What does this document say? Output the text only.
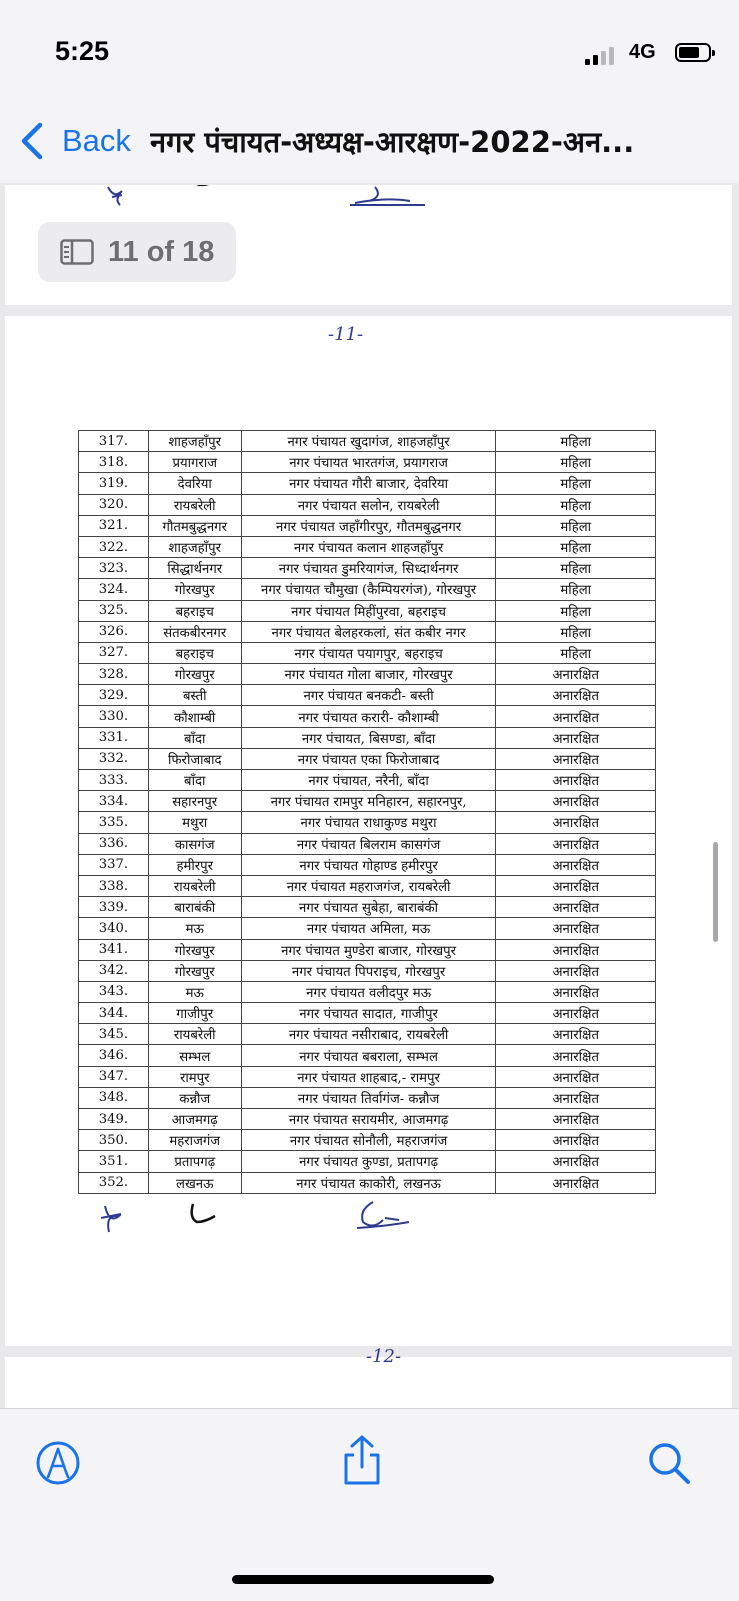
5:25	4G
Back नगर पंचायत-अध्यक्ष-आरक्षण-2022-अन...
11 of 18
-11-
317.	शाहजहाँपुर	नगर पंचायत खुदागंज, शाहजहाँपुर	महिला
318.	प्रयागराज	नगर पंचायत भारतगंज, प्रयागराज	महिला
319.	देवरिया	नगर पंचायत गौरी बाजार, देवरिया	महिला
320.	रायबरेली	नगर पंचायत सलोन, रायबरेली	महिला
321.	गौतमबुद्धनगर	नगर पंचायत जहाँगीरपुर, गौतमबुद्धनगर	महिला
322.	शाहजहाँपुर	नगर पंचायत कलान शाहजहाँपुर	महिला
323.	सिद्धार्थनगर	नगर पंचायत डुमरियागंज, सिध्दार्थनगर	महिला
324.	गोरखपुर	नगर पंचायत चौमुखा (कैम्पियरगंज), गोरखपुर	महिला
325.	बहराइच	नगर पंचायत मिहींपुरवा, बहराइच	महिला
326.	संतकबीरनगर	नगर पंचायत बेलहरकलां, संत कबीर नगर	महिला
327.	बहराइच	नगर पंचायत पयागपुर, बहराइच	महिला
328.	गोरखपुर	नगर पंचायत गोला बाजार, गोरखपुर	अनारक्षित
329.	बस्ती	नगर पंचायत बनकटी- बस्ती	अनारक्षित
330.	कौशाम्बी	नगर पंचायत करारी- कौशाम्बी	अनारक्षित
331.	बाँदा	नगर पंचायत, बिसण्डा, बाँदा	अनारक्षित
332.	फिरोजाबाद	नगर पंचायत एका फिरोजाबाद	अनारक्षित
333.	बाँदा	नगर पंचायत, नरैनी, बाँदा	अनारक्षित
334.	सहारनपुर	नगर पंचायत रामपुर मनिहारन, सहारनपुर,	अनारक्षित
335.	मथुरा	नगर पंचायत राधाकुण्ड मथुरा	अनारक्षित
336.	कासगंज	नगर पंचायत बिलराम कासगंज	अनारक्षित
337.	हमीरपुर	नगर पंचायत गोहाण्ड हमीरपुर	अनारक्षित
338.	रायबरेली	नगर पंचायत महराजगंज, रायबरेली	अनारक्षित
339.	बाराबंकी	नगर पंचायत सुबेहा, बाराबंकी	अनारक्षित
340.	मऊ	नगर पंचायत अमिला, मऊ	अनारक्षित
341.	गोरखपुर	नगर पंचायत मुण्डेरा बाजार, गोरखपुर	अनारक्षित
342.	गोरखपुर	नगर पंचायत पिपराइच, गोरखपुर	अनारक्षित
343.	मऊ	नगर पंचायत वलीदपुर मऊ	अनारक्षित
344.	गाजीपुर	नगर पंचायत सादात, गाजीपुर	अनारक्षित
345.	रायबरेली	नगर पंचायत नसीराबाद, रायबरेली	अनारक्षित
346.	सम्भल	नगर पंचायत बबराला, सम्भल	अनारक्षित
347.	रामपुर	नगर पंचायत शाहबाद,- रामपुर	अनारक्षित
348.	कन्नौज	नगर पंचायत तिर्वागंज- कन्नौज	अनारक्षित
349.	आजमगढ़	नगर पंचायत सरायमीर, आजमगढ़	अनारक्षित
350.	महराजगंज	नगर पंचायत सोनौली, महराजगंज	अनारक्षित
351.	प्रतापगढ़	नगर पंचायत कुण्डा, प्रतापगढ़	अनारक्षित
352.	लखनऊ	नगर पंचायत काकोरी, लखनऊ	अनारक्षित
-12-
